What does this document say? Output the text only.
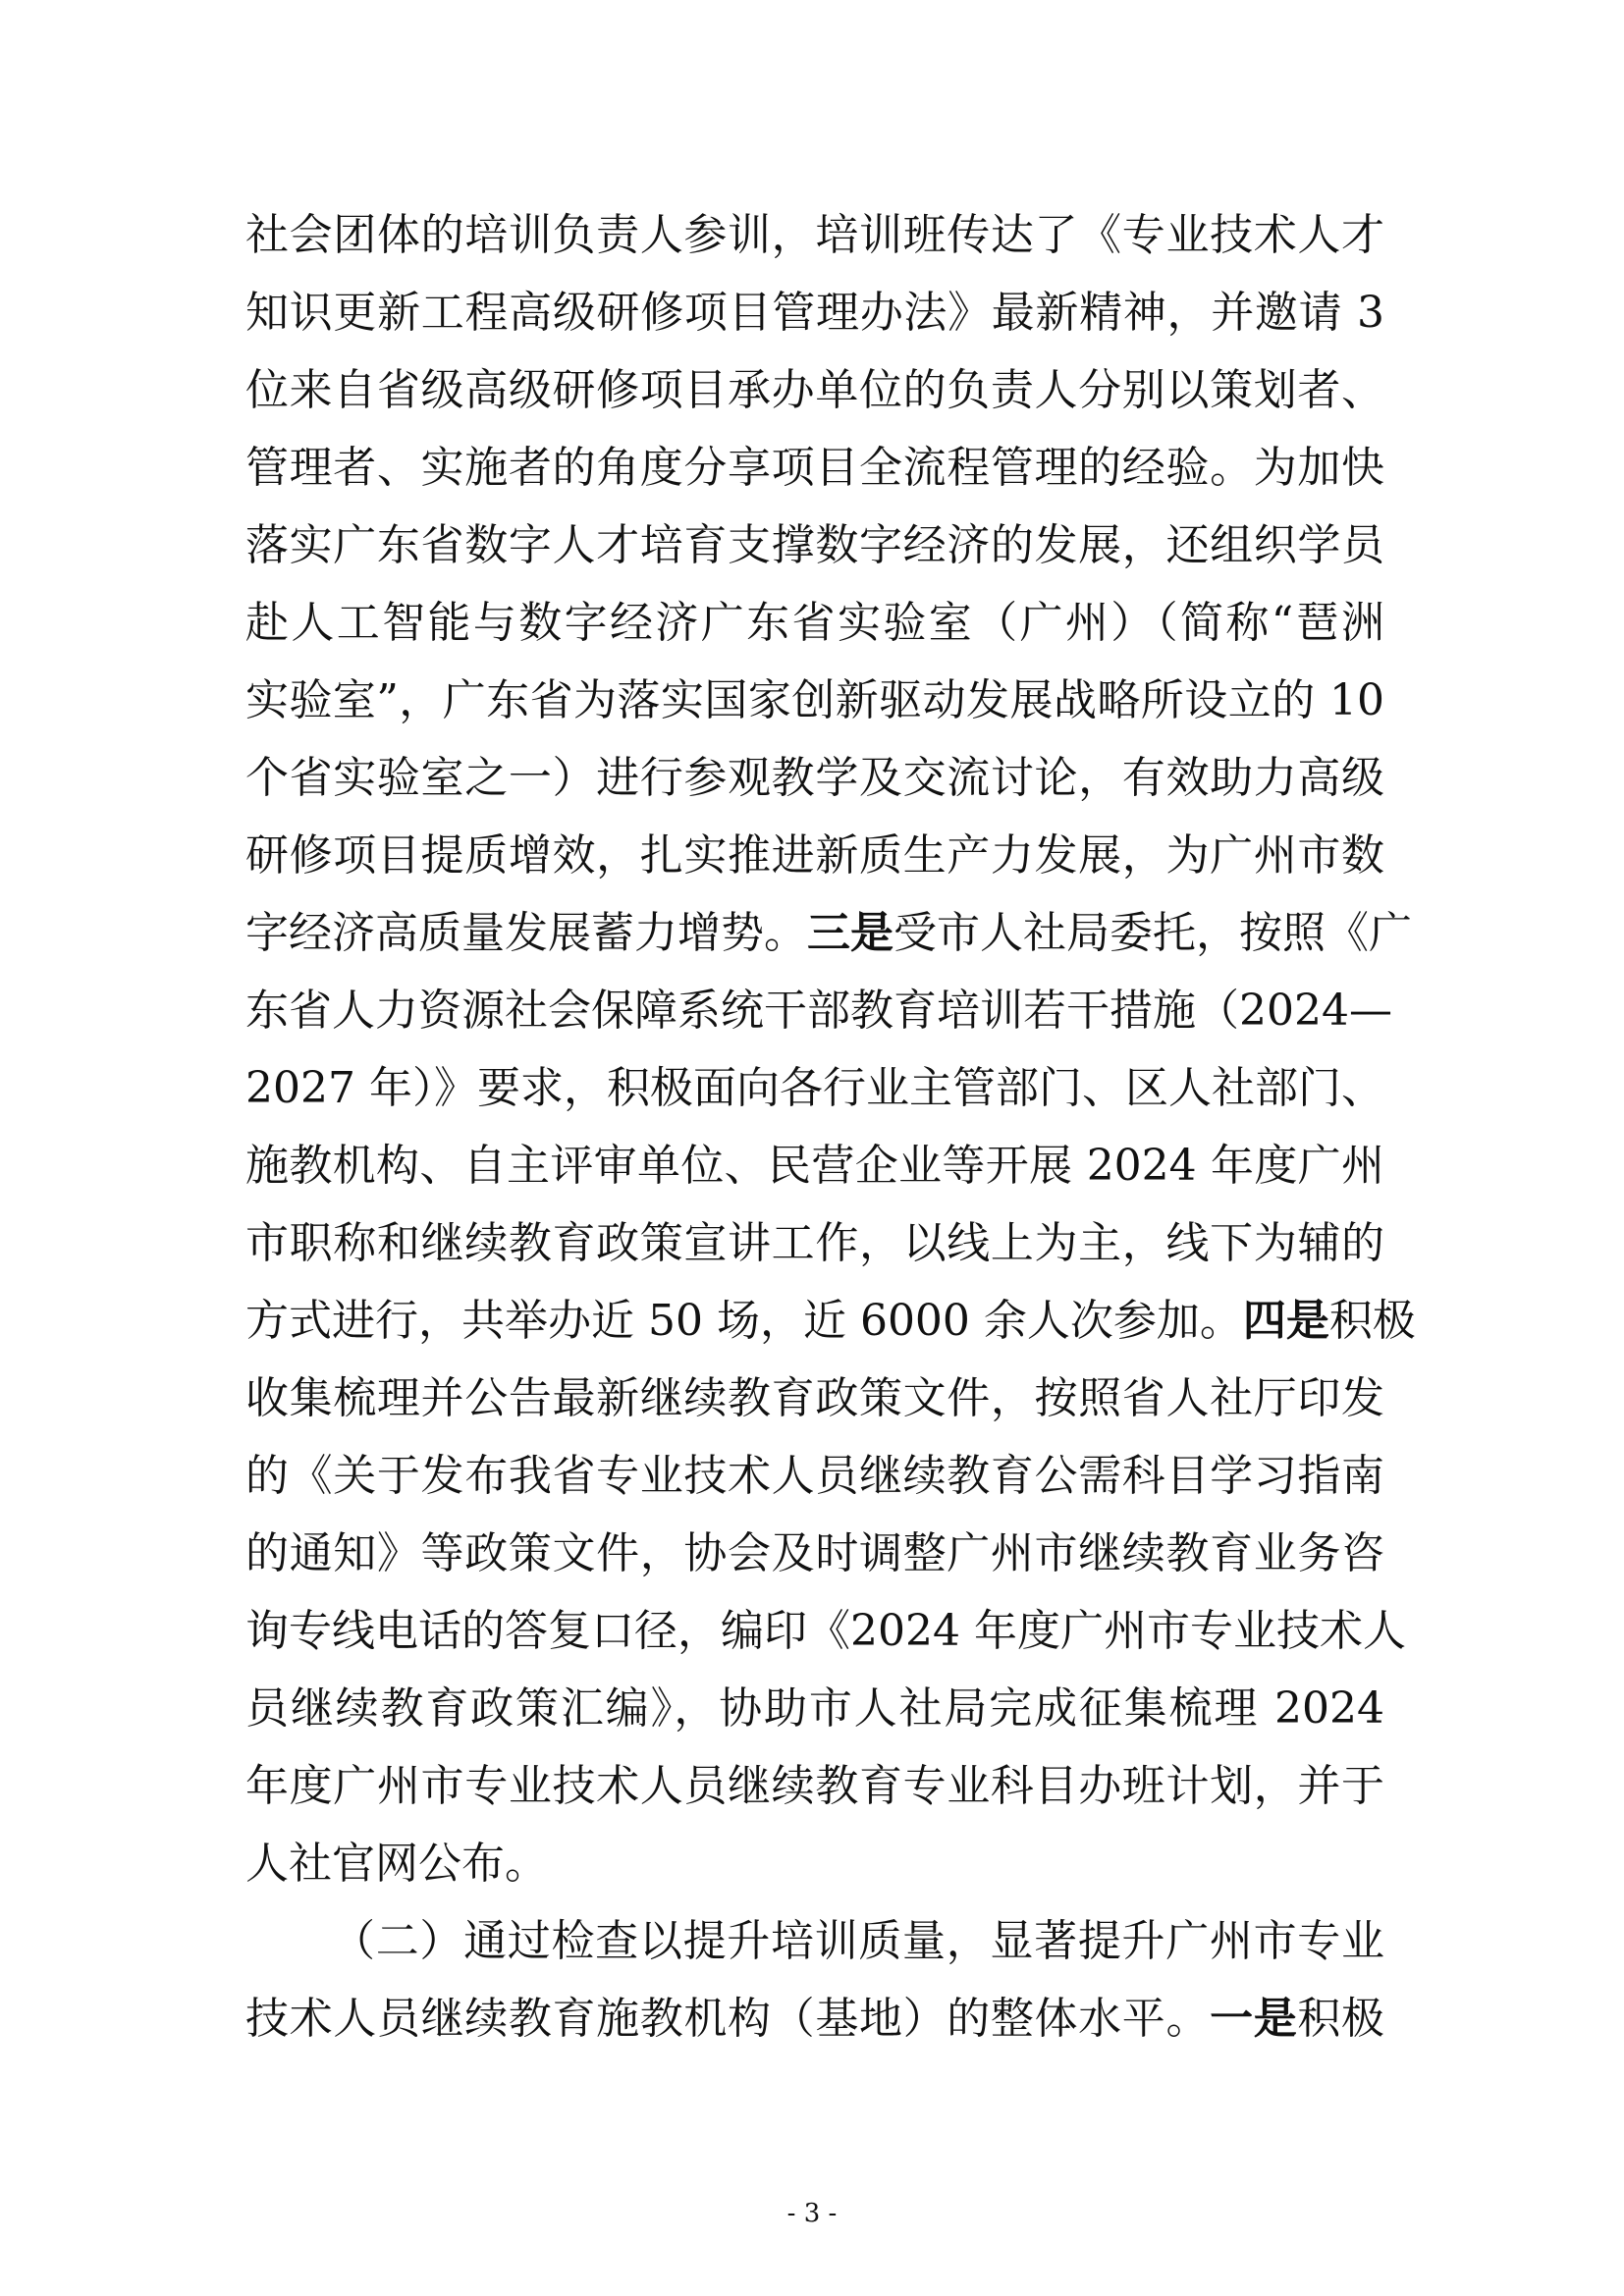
社会团体的培训负责人参训，培训班传达了《专业技术人才
知识更新工程高级研修项目管理办法》最新精神，并邀请 3
位来自省级高级研修项目承办单位的负责人分别以策划者、
管理者、实施者的角度分享项目全流程管理的经验。为加快
落实广东省数字人才培育支撑数字经济的发展，还组织学员
赴人工智能与数字经济广东省实验室（广州）（简称“琶洲
实验室”，广东省为落实国家创新驱动发展战略所设立的 10
个省实验室之一）进行参观教学及交流讨论，有效助力高级
研修项目提质增效，扎实推进新质生产力发展，为广州市数
字经济高质量发展蓄力增势。三是受市人社局委托，按照《广
东省人力资源社会保障系统干部教育培训若干措施（2024—
2027 年）》要求，积极面向各行业主管部门、区人社部门、
施教机构、自主评审单位、民营企业等开展 2024 年度广州
市职称和继续教育政策宣讲工作，以线上为主，线下为辅的
方式进行，共举办近 50 场，近 6000 余人次参加。四是积极
收集梳理并公告最新继续教育政策文件，按照省人社厅印发
的《关于发布我省专业技术人员继续教育公需科目学习指南
的通知》等政策文件，协会及时调整广州市继续教育业务咨
询专线电话的答复口径，编印《2024 年度广州市专业技术人
员继续教育政策汇编》，协助市人社局完成征集梳理 2024
年度广州市专业技术人员继续教育专业科目办班计划，并于
人社官网公布。
（二）通过检查以提升培训质量，显著提升广州市专业
技术人员继续教育施教机构（基地）的整体水平。一是积极
- 3 -
